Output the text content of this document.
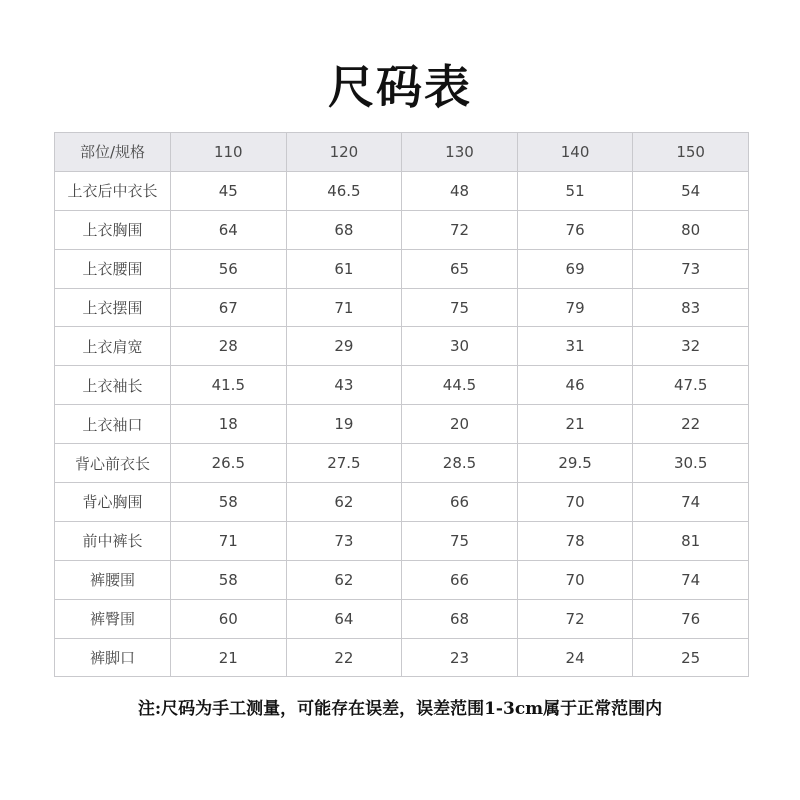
尺码表
部位/规格	110	120	130	140	150
上衣后中衣长	45	46.5	48	51	54
上衣胸围	64	68	72	76	80
上衣腰围	56	61	65	69	73
上衣摆围	67	71	75	79	83
上衣肩宽	28	29	30	31	32
上衣袖长	41.5	43	44.5	46	47.5
上衣袖口	18	19	20	21	22
背心前衣长	26.5	27.5	28.5	29.5	30.5
背心胸围	58	62	66	70	74
前中裤长	71	73	75	78	81
裤腰围	58	62	66	70	74
裤臀围	60	64	68	72	76
裤脚口	21	22	23	24	25
注:尺码为手工测量，可能存在误差，误差范围1-3cm属于正常范围内
